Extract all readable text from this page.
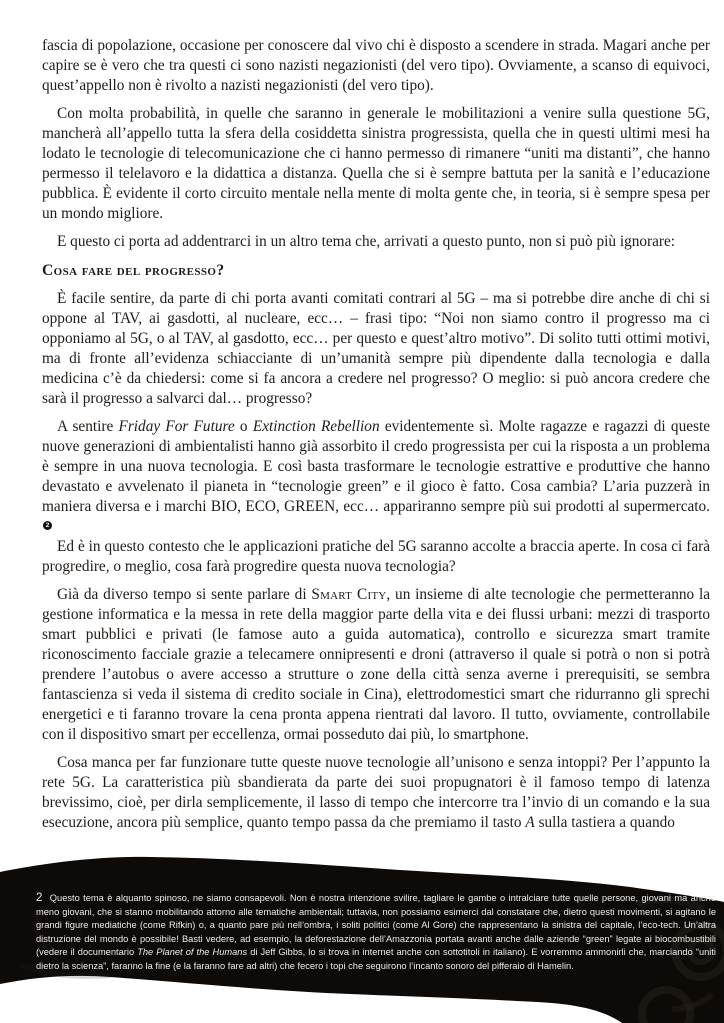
fascia di popolazione, occasione per conoscere dal vivo chi è disposto a scendere in strada. Magari anche per capire se è vero che tra questi ci sono nazisti negazionisti (del vero tipo). Ovviamente, a scanso di equivoci, quest’appello non è rivolto a nazisti negazionisti (del vero tipo).

Con molta probabilità, in quelle che saranno in generale le mobilitazioni a venire sulla questione 5G, mancherà all’appello tutta la sfera della cosiddetta sinistra progressista, quella che in questi ultimi mesi ha lodato le tecnologie di telecomunicazione che ci hanno permesso di rimanere “uniti ma distanti”, che hanno permesso il telelavoro e la didattica a distanza. Quella che si è sempre battuta per la sanità e l’educazione pubblica. È evidente il corto circuito mentale nella mente di molta gente che, in teoria, si è sempre spesa per un mondo migliore.

E questo ci porta ad addentrarci in un altro tema che, arrivati a questo punto, non si può più ignorare:

Cosa fare del progresso?

È facile sentire, da parte di chi porta avanti comitati contrari al 5G – ma si potrebbe dire anche di chi si oppone al TAV, ai gasdotti, al nucleare, ecc… – frasi tipo: “Noi non siamo contro il progresso ma ci opponiamo al 5G, o al TAV, al gasdotto, ecc… per questo e quest’altro motivo”. Di solito tutti ottimi motivi, ma di fronte all’evidenza schiacciante di un’umanità sempre più dipendente dalla tecnologia e dalla medicina c’è da chiedersi: come si fa ancora a credere nel progresso? O meglio: si può ancora credere che sarà il progresso a salvarci dal… progresso?

A sentire Friday For Future o Extinction Rebellion evidentemente sì. Molte ragazze e ragazzi di queste nuove generazioni di ambientalisti hanno già assorbito il credo progressista per cui la risposta a un problema è sempre in una nuova tecnologia. E così basta trasformare le tecnologie estrattive e produttive che hanno devastato e avvelenato il pianeta in “tecnologie green” e il gioco è fatto. Cosa cambia? L’aria puzzerà in maniera diversa e i marchi BIO, ECO, GREEN, ecc… appariranno sempre più sui prodotti al supermercato.2

Ed è in questo contesto che le applicazioni pratiche del 5G saranno accolte a braccia aperte. In cosa ci farà progredire, o meglio, cosa farà progredire questa nuova tecnologia?

Già da diverso tempo si sente parlare di Smart City, un insieme di alte tecnologie che permetteranno la gestione informatica e la messa in rete della maggior parte della vita e dei flussi urbani: mezzi di trasporto smart pubblici e privati (le famose auto a guida automatica), controllo e sicurezza smart tramite riconoscimento facciale grazie a telecamere onnipresenti e droni (attraverso il quale si potrà o non si potrà prendere l’autobus o avere accesso a strutture o zone della città senza averne i prerequisiti, se sembra fantascienza si veda il sistema di credito sociale in Cina), elettrodomestici smart che ridurranno gli sprechi energetici e ti faranno trovare la cena pronta appena rientrati dal lavoro. Il tutto, ovviamente, controllabile con il dispositivo smart per eccellenza, ormai posseduto dai più, lo smartphone.

Cosa manca per far funzionare tutte queste nuove tecnologie all’unisono e senza intoppi? Per l’appunto la rete 5G. La caratteristica più sbandierata da parte dei suoi propugnatori è il famoso tempo di latenza brevissimo, cioè, per dirla semplicemente, il lasso di tempo che intercorre tra l’invio di un comando e la sua esecuzione, ancora più semplice, quanto tempo passa da che premiamo il tasto A sulla tastiera a quando

2 Questo tema è alquanto spinoso, ne siamo consapevoli. Non è nostra intenzione svilire, tagliare le gambe o intralciare tutte quelle persone, giovani ma anche meno giovani, che si stanno mobilitando attorno alle tematiche ambientali; tuttavia, non possiamo esimerci dal constatare che, dietro questi movimenti, si agitano le grandi figure mediatiche (come Rifkin) o, a quanto pare più nell’ombra, i soliti politici (come Al Gore) che rappresentano la sinistra del capitale, l’eco-tech. Un’altra distruzione del mondo è possibile! Basti vedere, ad esempio, la deforestazione dell’Amazzonia portata avanti anche dalle aziende “green” legate ai biocombustibili (vedere il documentario The Planet of the Humans di Jeff Gibbs, lo si trova in internet anche con sottotitoli in italiano). E vorremmo ammonirli che, marciando “uniti dietro la scienza”, faranno la fine (e la faranno fare ad altri) che fecero i topi che seguirono l’incanto sonoro del pifferaio di Hamelin.
